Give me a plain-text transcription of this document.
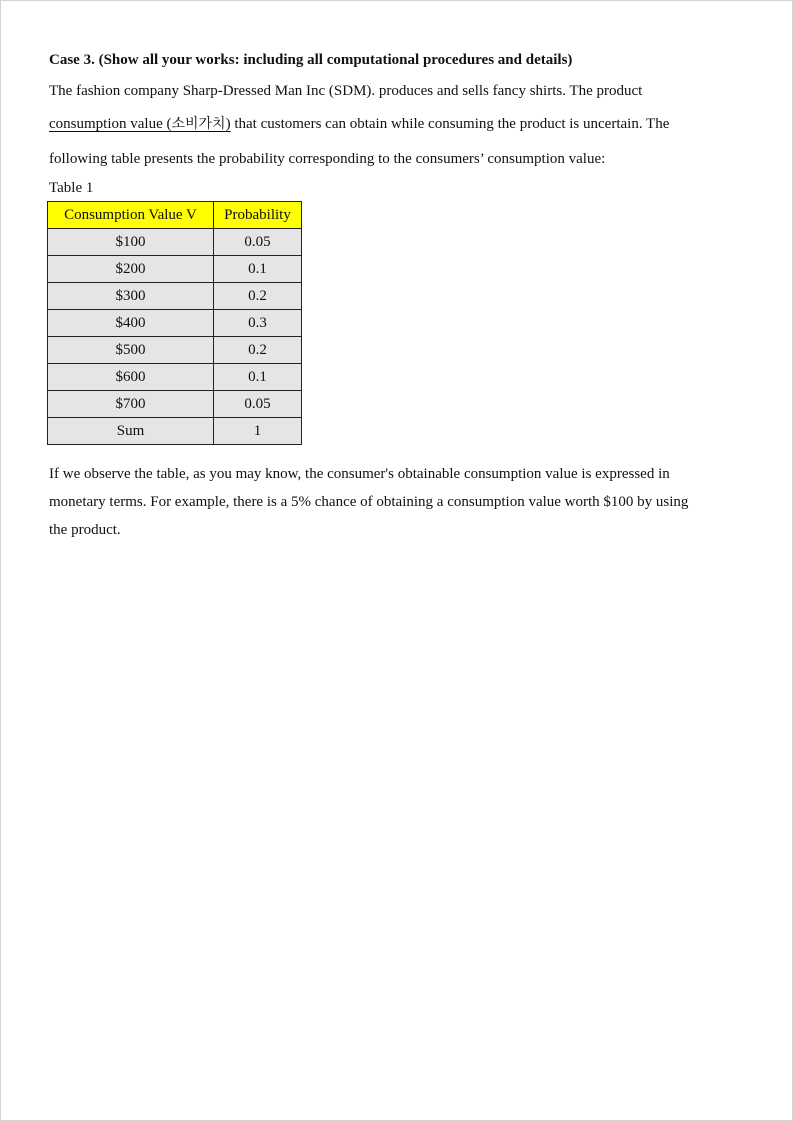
Case 3. (Show all your works: including all computational procedures and details)

The fashion company Sharp-Dressed Man Inc (SDM). produces and sells fancy shirts. The product

consumption value (소비가치) that customers can obtain while consuming the product is uncertain. The

following table presents the probability corresponding to the consumers’ consumption value:

Table 1

Consumption Value V	Probability
$100	0.05
$200	0.1
$300	0.2
$400	0.3
$500	0.2
$600	0.1
$700	0.05
Sum	1

If we observe the table, as you may know, the consumer's obtainable consumption value is expressed in

monetary terms. For example, there is a 5% chance of obtaining a consumption value worth $100 by using

the product.
